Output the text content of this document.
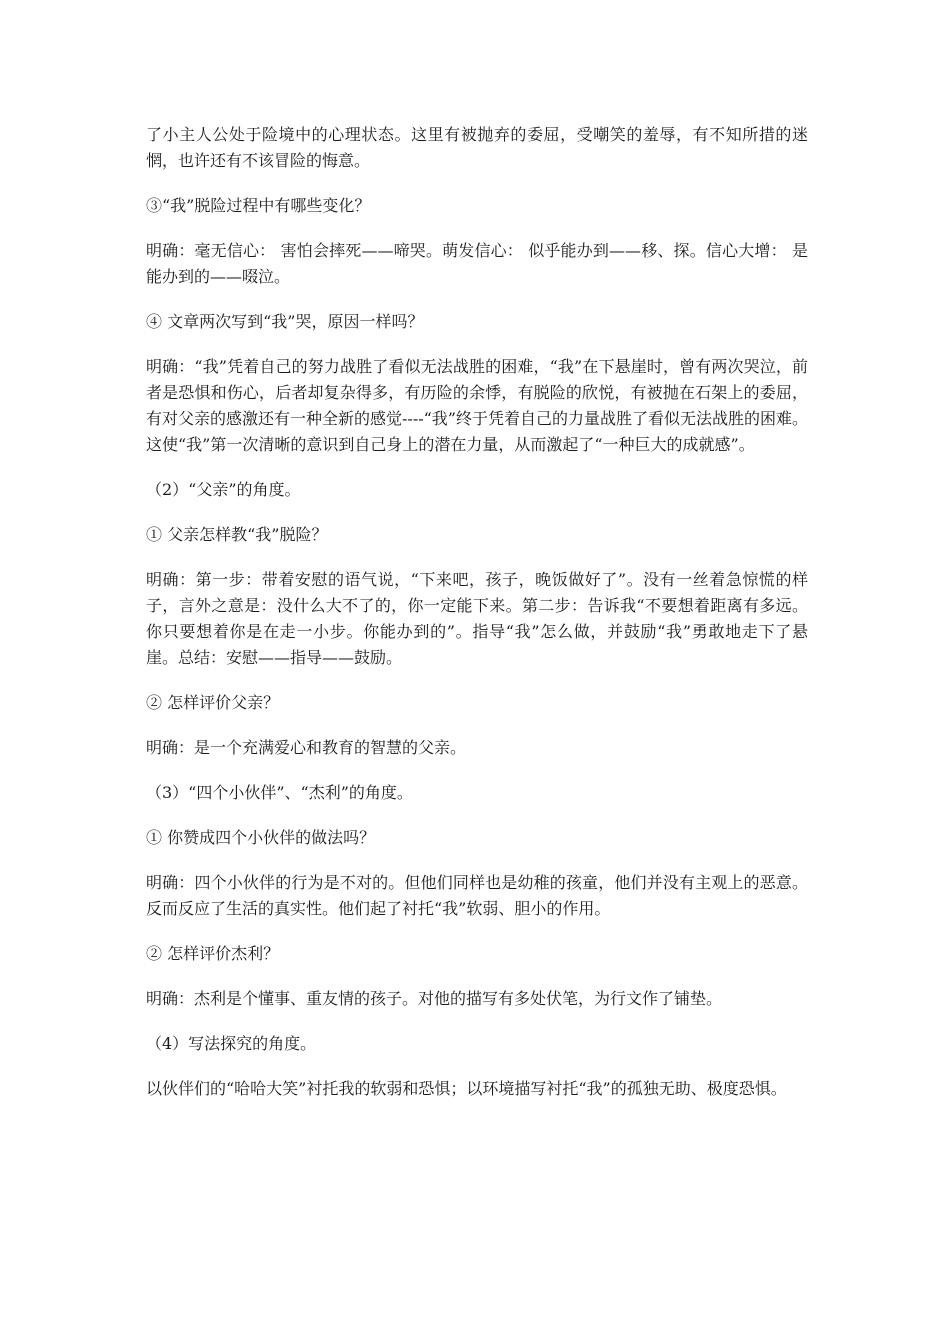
了小主人公处于险境中的心理状态。这里有被抛弃的委屈，受嘲笑的羞辱，有不知所措的迷惘，也许还有不该冒险的悔意。

③“我”脱险过程中有哪些变化？

明确：毫无信心： 害怕会摔死——啼哭。萌发信心： 似乎能办到——移、探。信心大增： 是能办到的——啜泣。

④ 文章两次写到“我”哭，原因一样吗？

明确：“我”凭着自己的努力战胜了看似无法战胜的困难，“我”在下悬崖时，曾有两次哭泣，前者是恐惧和伤心，后者却复杂得多，有历险的余悸，有脱险的欣悦，有被抛在石架上的委屈，有对父亲的感激还有一种全新的感觉----“我”终于凭着自己的力量战胜了看似无法战胜的困难。这使“我”第一次清晰的意识到自己身上的潜在力量，从而激起了“一种巨大的成就感”。

（2）“父亲”的角度。

① 父亲怎样教“我”脱险？

明确：第一步：带着安慰的语气说，“下来吧，孩子，晚饭做好了”。没有一丝着急惊慌的样子，言外之意是：没什么大不了的，你一定能下来。第二步：告诉我“不要想着距离有多远。你只要想着你是在走一小步。你能办到的”。指导“我”怎么做，并鼓励“我”勇敢地走下了悬崖。总结：安慰——指导——鼓励。

② 怎样评价父亲？

明确：是一个充满爱心和教育的智慧的父亲。

（3）“四个小伙伴”、“杰利”的角度。

① 你赞成四个小伙伴的做法吗？

明确：四个小伙伴的行为是不对的。但他们同样也是幼稚的孩童，他们并没有主观上的恶意。反而反应了生活的真实性。他们起了衬托“我”软弱、胆小的作用。

② 怎样评价杰利？

明确：杰利是个懂事、重友情的孩子。对他的描写有多处伏笔，为行文作了铺垫。

（4）写法探究的角度。

以伙伴们的“哈哈大笑”衬托我的软弱和恐惧；以环境描写衬托“我”的孤独无助、极度恐惧。
